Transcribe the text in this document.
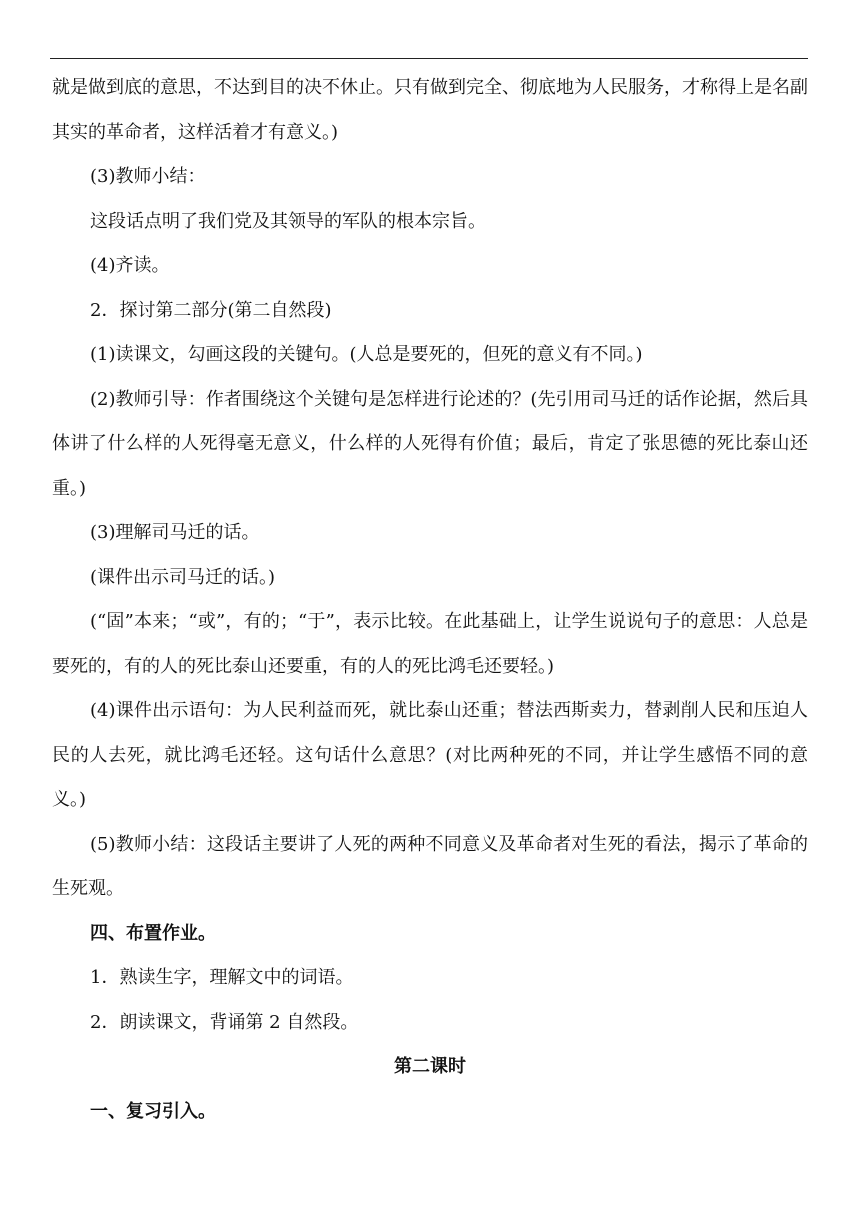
就是做到底的意思，不达到目的决不休止。只有做到完全、彻底地为人民服务，才称得上是名副其实的革命者，这样活着才有意义。)

(3)教师小结：

这段话点明了我们党及其领导的军队的根本宗旨。

(4)齐读。

2．探讨第二部分(第二自然段)

(1)读课文，勾画这段的关键句。(人总是要死的，但死的意义有不同。)

(2)教师引导：作者围绕这个关键句是怎样进行论述的？(先引用司马迁的话作论据，然后具体讲了什么样的人死得毫无意义，什么样的人死得有价值；最后，肯定了张思德的死比泰山还重。)

(3)理解司马迁的话。

(课件出示司马迁的话。)

(“固”本来；“或”，有的；“于”，表示比较。在此基础上，让学生说说句子的意思：人总是要死的，有的人的死比泰山还要重，有的人的死比鸿毛还要轻。)

(4)课件出示语句：为人民利益而死，就比泰山还重；替法西斯卖力，替剥削人民和压迫人民的人去死，就比鸿毛还轻。这句话什么意思？(对比两种死的不同，并让学生感悟不同的意义。)

(5)教师小结：这段话主要讲了人死的两种不同意义及革命者对生死的看法，揭示了革命的生死观。

四、布置作业。

1．熟读生字，理解文中的词语。

2．朗读课文，背诵第 2 自然段。

第二课时

一、复习引入。
